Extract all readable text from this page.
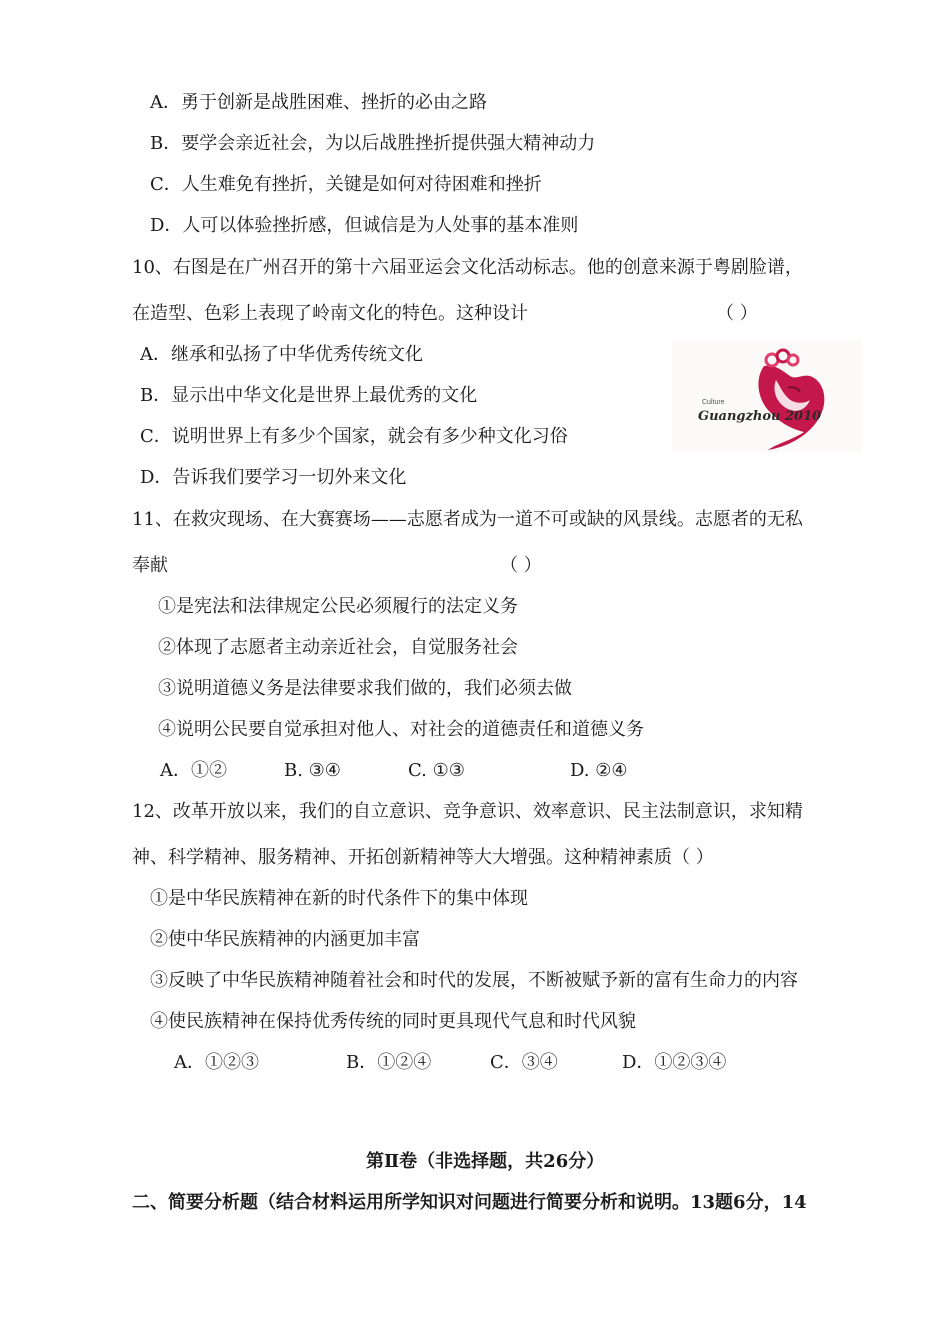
A．勇于创新是战胜困难、挫折的必由之路
B．要学会亲近社会，为以后战胜挫折提供强大精神动力
C．人生难免有挫折，关键是如何对待困难和挫折
D．人可以体验挫折感，但诚信是为人处事的基本准则
10、右图是在广州召开的第十六届亚运会文化活动标志。他的创意来源于粤剧脸谱，
在造型、色彩上表现了岭南文化的特色。这种设计	（ ）
A．继承和弘扬了中华优秀传统文化
B．显示出中华文化是世界上最优秀的文化
C．说明世界上有多少个国家，就会有多少种文化习俗
D．告诉我们要学习一切外来文化
Culture
Guangzhou 2010
11、在救灾现场、在大赛赛场——志愿者成为一道不可或缺的风景线。志愿者的无私
奉献	（ ）
①是宪法和法律规定公民必须履行的法定义务
②体现了志愿者主动亲近社会，自觉服务社会
③说明道德义务是法律要求我们做的，我们必须去做
④说明公民要自觉承担对他人、对社会的道德责任和道德义务
A．①②	B. ③④	C. ①③	D. ②④
12、改革开放以来，我们的自立意识、竞争意识、效率意识、民主法制意识，求知精
神、科学精神、服务精神、开拓创新精神等大大增强。这种精神素质（ ）
①是中华民族精神在新的时代条件下的集中体现
②使中华民族精神的内涵更加丰富
③反映了中华民族精神随着社会和时代的发展，不断被赋予新的富有生命力的内容
④使民族精神在保持优秀传统的同时更具现代气息和时代风貌
A．①②③	B．①②④	C．③④	D．①②③④
第Ⅱ卷（非选择题，共26分）
二、简要分析题（结合材料运用所学知识对问题进行简要分析和说明。13题6分，14
